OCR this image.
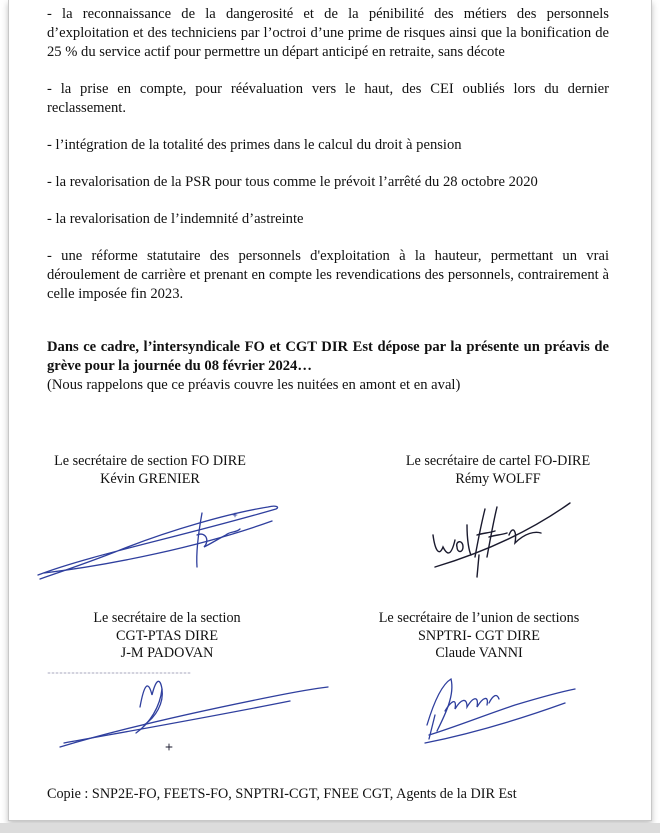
- la reconnaissance de la dangerosité et de la pénibilité des métiers des personnels d’exploitation et des techniciens par l’octroi d’une prime de risques ainsi que la bonification de 25 % du service actif pour permettre un départ anticipé en retraite, sans décote

- la prise en compte, pour réévaluation vers le haut, des CEI oubliés lors du dernier reclassement.

- l’intégration de la totalité des primes dans le calcul du droit à pension

- la revalorisation de la PSR pour tous comme le prévoit l’arrêté du 28 octobre 2020

- la revalorisation de l’indemnité d’astreinte

- une réforme statutaire des personnels d'exploitation à la hauteur, permettant un vrai déroulement de carrière et prenant en compte les revendications des personnels, contrairement à celle imposée fin 2023.

Dans ce cadre, l’intersyndicale FO et CGT DIR Est dépose par la présente un préavis de grève pour la journée du 08 février 2024…

(Nous rappelons que ce préavis couvre les nuitées en amont et en aval)

Le secrétaire de section FO DIRE
Kévin GRENIER
Le secrétaire de cartel FO-DIRE
Rémy WOLFF
Le secrétaire de la section
CGT-PTAS DIRE
J-M PADOVAN
Le secrétaire de l’union de sections
SNPTRI- CGT DIRE
Claude VANNI
Copie : SNP2E-FO, FEETS-FO, SNPTRI-CGT, FNEE CGT, Agents de la DIR Est
